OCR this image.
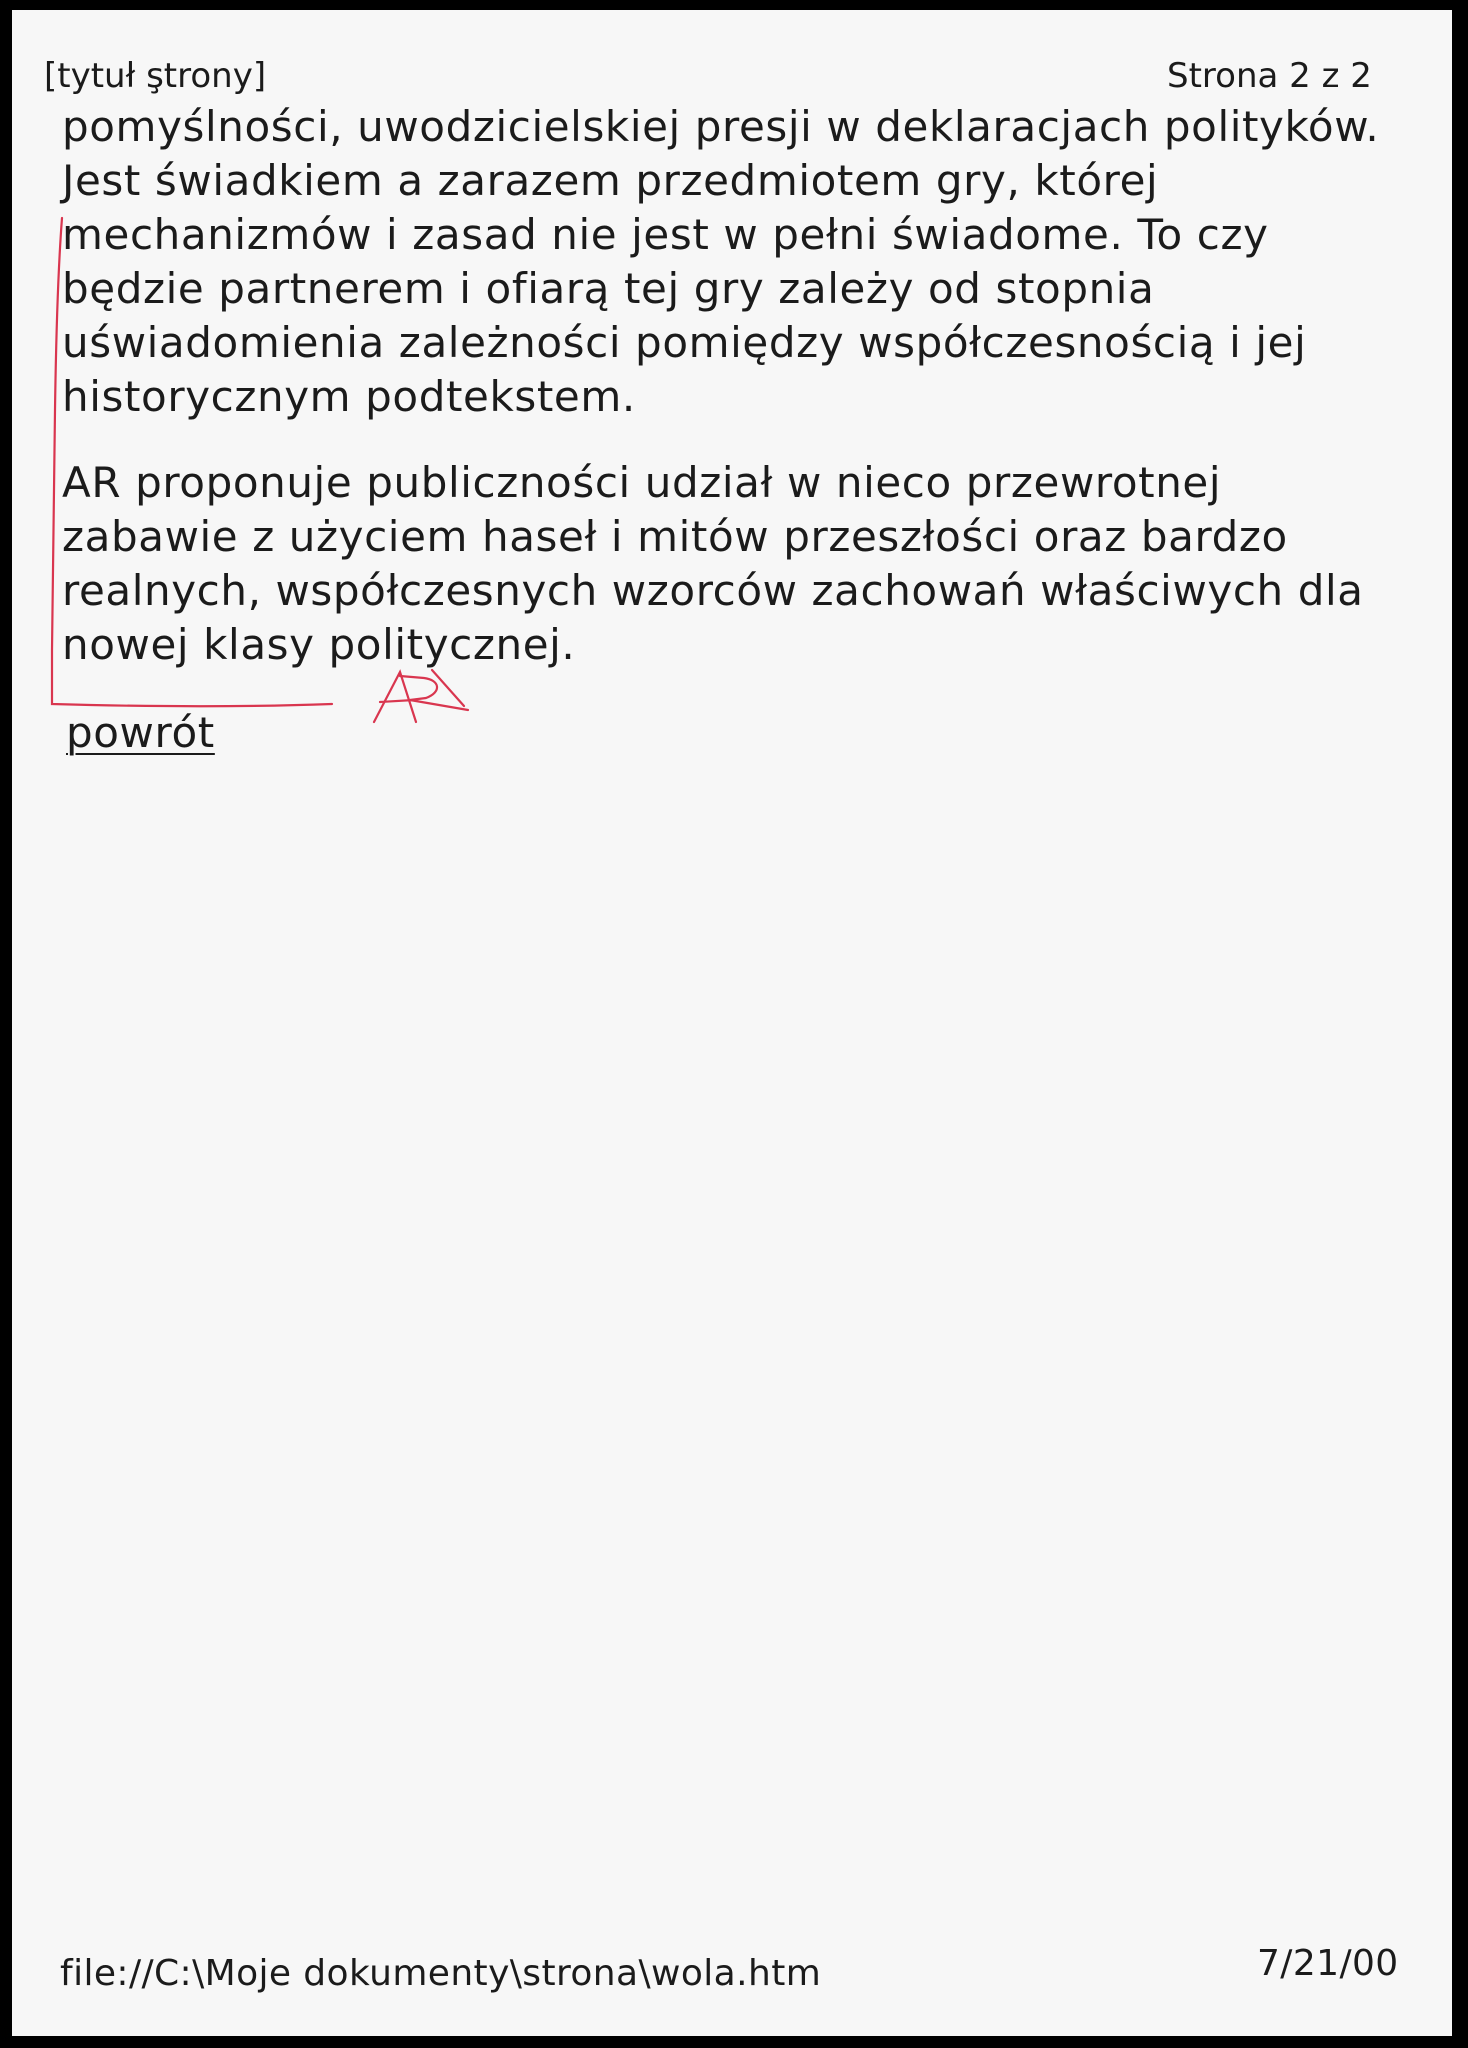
[tytuł ştrony]	Strona 2 z 2
pomyślności, uwodzicielskiej presji w deklaracjach polityków.
Jest świadkiem a zarazem przedmiotem gry, której
mechanizmów i zasad nie jest w pełni świadome. To czy
będzie partnerem i ofiarą tej gry zależy od stopnia
uświadomienia zależności pomiędzy współczesnością i jej
historycznym podtekstem.
AR proponuje publiczności udział w nieco przewrotnej
zabawie z użyciem haseł i mitów przeszłości oraz bardzo
realnych, współczesnych wzorców zachowań właściwych dla
nowej klasy politycznej.
powrót
file://C:\Moje dokumenty\strona\wola.htm	7/21/00
